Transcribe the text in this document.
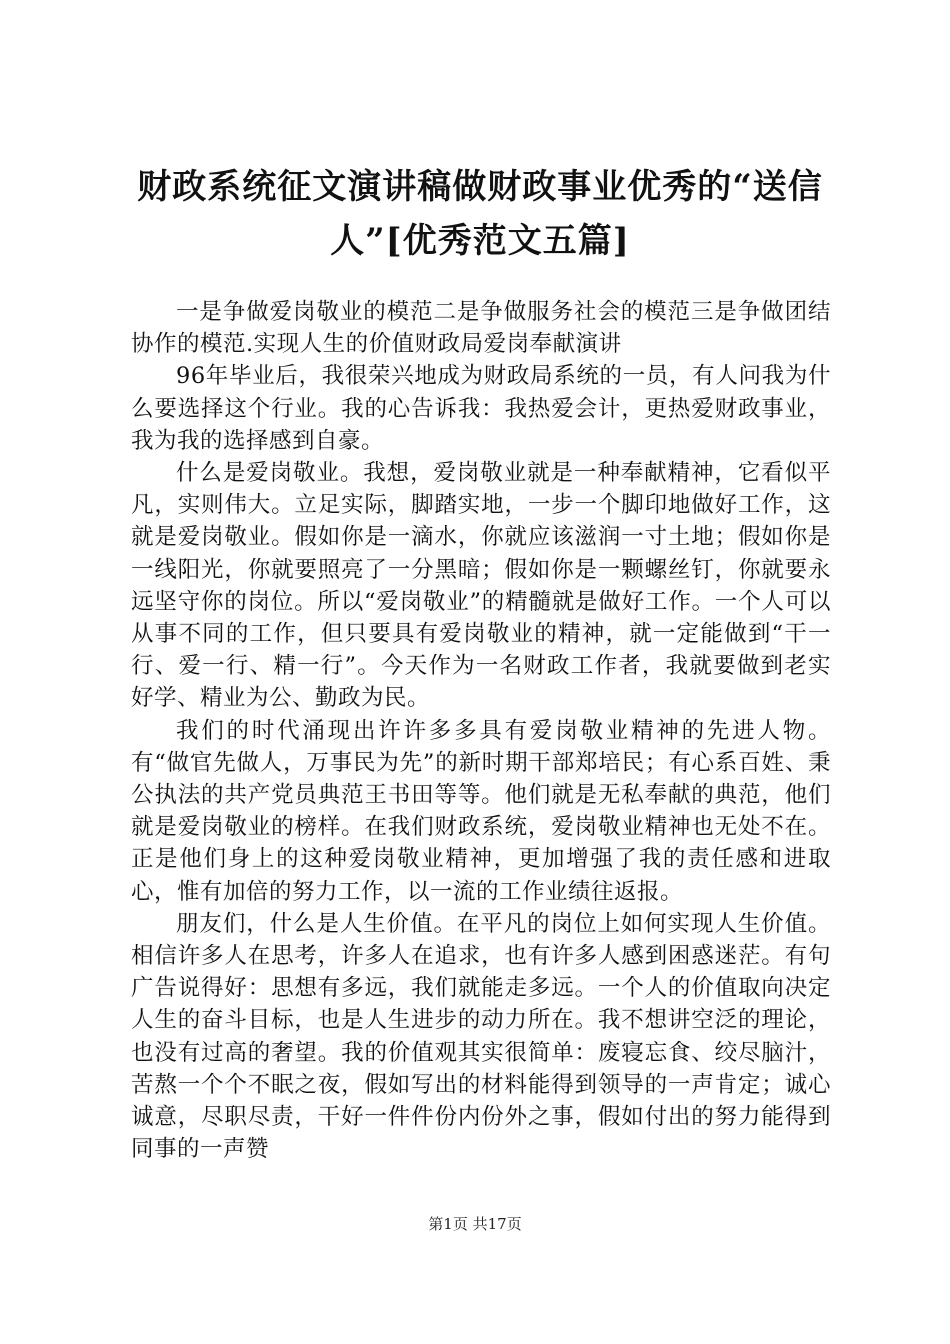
财政系统征文演讲稿做财政事业优秀的“送信人”[优秀范文五篇]

一是争做爱岗敬业的模范二是争做服务社会的模范三是争做团结协作的模范.实现人生的价值财政局爱岗奉献演讲

96年毕业后，我很荣兴地成为财政局系统的一员，有人问我为什么要选择这个行业。我的心告诉我：我热爱会计，更热爱财政事业，我为我的选择感到自豪。

什么是爱岗敬业。我想，爱岗敬业就是一种奉献精神，它看似平凡，实则伟大。立足实际，脚踏实地，一步一个脚印地做好工作，这就是爱岗敬业。假如你是一滴水，你就应该滋润一寸土地；假如你是一线阳光，你就要照亮了一分黑暗；假如你是一颗螺丝钉，你就要永远坚守你的岗位。所以“爱岗敬业”的精髓就是做好工作。一个人可以从事不同的工作，但只要具有爱岗敬业的精神，就一定能做到“干一行、爱一行、精一行”。今天作为一名财政工作者，我就要做到老实好学、精业为公、勤政为民。

我们的时代涌现出许许多多具有爱岗敬业精神的先进人物。有“做官先做人，万事民为先”的新时期干部郑培民；有心系百姓、秉公执法的共产党员典范王书田等等。他们就是无私奉献的典范，他们就是爱岗敬业的榜样。在我们财政系统，爱岗敬业精神也无处不在。正是他们身上的这种爱岗敬业精神，更加增强了我的责任感和进取心，惟有加倍的努力工作，以一流的工作业绩往返报。

朋友们，什么是人生价值。在平凡的岗位上如何实现人生价值。相信许多人在思考，许多人在追求，也有许多人感到困惑迷茫。有句广告说得好：思想有多远，我们就能走多远。一个人的价值取向决定人生的奋斗目标，也是人生进步的动力所在。我不想讲空泛的理论，也没有过高的奢望。我的价值观其实很简单：废寝忘食、绞尽脑汁，苦熬一个个不眠之夜，假如写出的材料能得到领导的一声肯定；诚心诚意，尽职尽责，干好一件件份内份外之事，假如付出的努力能得到同事的一声赞

第1页 共17页
